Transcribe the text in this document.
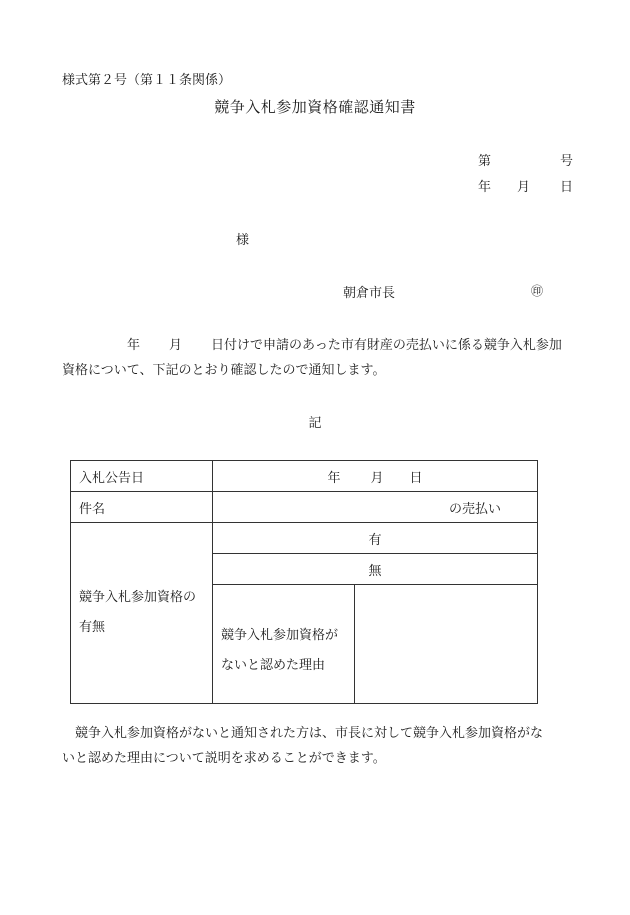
様式第２号（第１１条関係）
競争入札参加資格確認通知書
第	号
年 月 日
様
朝倉市長	㊞
年 月 日付けで申請のあった市有財産の売払いに係る競争入札参加
資格について、下記のとおり確認したので通知します。
記
入札公告日	年 月 日	
件名	の売払い	

競争入札参加資格の
有無	有	
	無	

	競争入札参加資格が
ないと認めた理由	

競争入札参加資格がないと通知された方は、市長に対して競争入札参加資格がな
いと認めた理由について説明を求めることができます。
